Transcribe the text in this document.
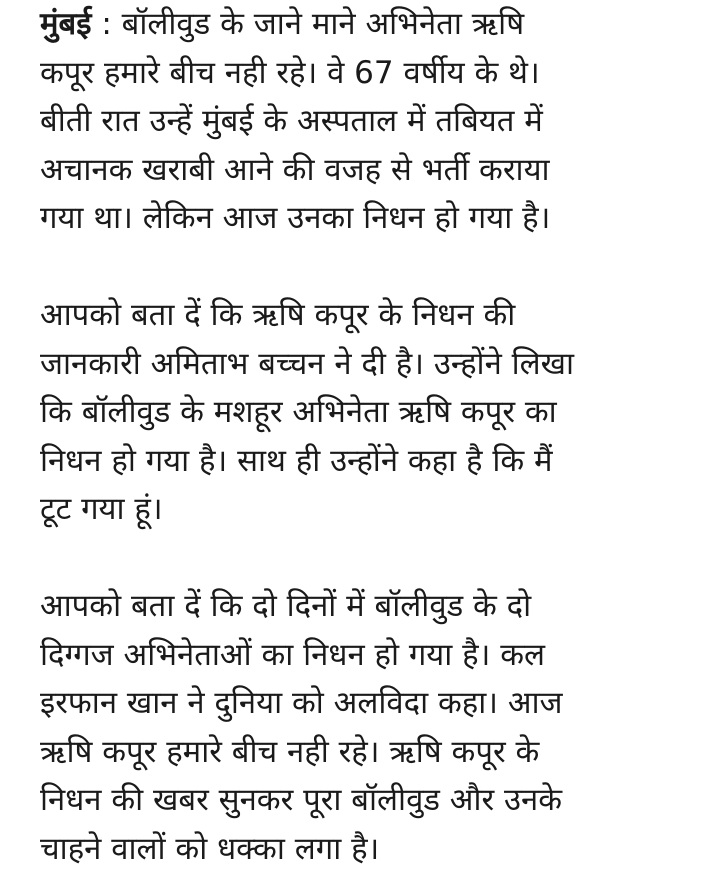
मुंबई : बॉलीवुड के जाने माने अभिनेता ऋषि
कपूर हमारे बीच नही रहे। वे 67 वर्षीय के थे।
बीती रात उन्हें मुंबई के अस्पताल में तबियत में
अचानक खराबी आने की वजह से भर्ती कराया
गया था। लेकिन आज उनका निधन हो गया है।
आपको बता दें कि ऋषि कपूर के निधन की
जानकारी अमिताभ बच्चन ने दी है। उन्होंने लिखा
कि बॉलीवुड के मशहूर अभिनेता ऋषि कपूर का
निधन हो गया है। साथ ही उन्होंने कहा है कि मैं
टूट गया हूं।
आपको बता दें कि दो दिनों में बॉलीवुड के दो
दिग्गज अभिनेताओं का निधन हो गया है। कल
इरफान खान ने दुनिया को अलविदा कहा। आज
ऋषि कपूर हमारे बीच नही रहे। ऋषि कपूर के
निधन की खबर सुनकर पूरा बॉलीवुड और उनके
चाहने वालों को धक्का लगा है।
